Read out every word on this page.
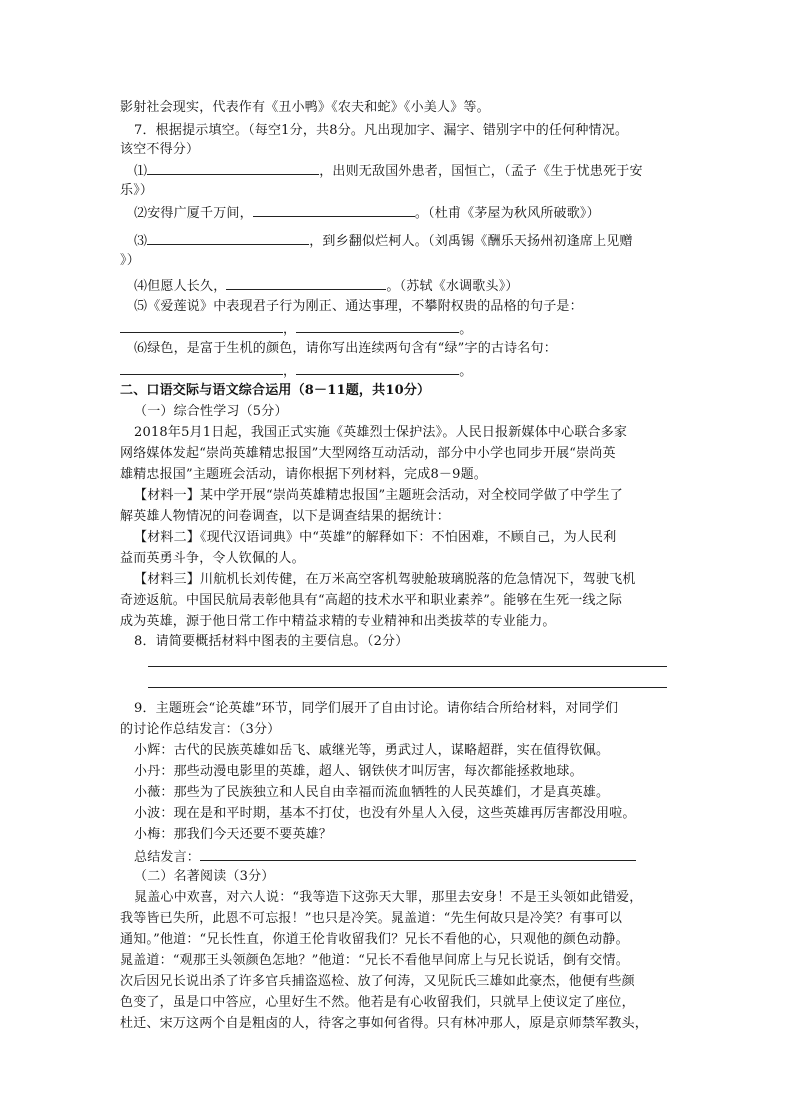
影射社会现实，代表作有《丑小鸭》《农夫和蛇》《小美人》等。
7．根据提示填空。（每空1分，共8分。凡出现加字、漏字、错别字中的任何种情况。
该空不得分）
⑴	，出则无敌国外患者，国恒亡，（孟子《生于忧患死于安
乐》）
⑵安得广厦千万间，	。（杜甫《茅屋为秋风所破歌》）
⑶	，到乡翻似烂柯人。（刘禹锡《酬乐天扬州初逢席上见赠
》）
⑷但愿人长久，	。（苏轼《水调歌头》）
⑸《爱莲说》中表现君子行为刚正、通达事理，不攀附权贵的品格的句子是：
，	。
⑹绿色，是富于生机的颜色，请你写出连续两句含有“绿”字的古诗名句：
，	。
二、口语交际与语文综合运用（8－11题，共10分）
（一）综合性学习（5分）
2018年5月1日起，我国正式实施《英雄烈士保护法》。人民日报新媒体中心联合多家
网络媒体发起“崇尚英雄精忠报国”大型网络互动活动，部分中小学也同步开展“崇尚英
雄精忠报国”主题班会活动，请你根据下列材料，完成8－9题。
【材料一】某中学开展“崇尚英雄精忠报国”主题班会活动，对全校同学做了中学生了
解英雄人物情况的问卷调查，以下是调查结果的据统计：
【材料二】《现代汉语词典》中“英雄”的解释如下：不怕困难，不顾自己，为人民利
益而英勇斗争，令人钦佩的人。
【材料三】川航机长刘传健，在万米高空客机驾驶舱玻璃脱落的危急情况下，驾驶飞机
奇迹返航。中国民航局表彰他具有“高超的技术水平和职业素养”。能够在生死一线之际
成为英雄，源于他日常工作中精益求精的专业精神和出类拔萃的专业能力。
8．请简要概括材料中图表的主要信息。（2分）
9．主题班会“论英雄”环节，同学们展开了自由讨论。请你结合所给材料，对同学们
的讨论作总结发言：（3分）
小辉：古代的民族英雄如岳飞、戚继光等，勇武过人，谋略超群，实在值得钦佩。
小丹：那些动漫电影里的英雄，超人、钢铁侠才叫厉害，每次都能拯救地球。
小薇：那些为了民族独立和人民自由幸福而流血牺牲的人民英雄们，才是真英雄。
小波：现在是和平时期，基本不打仗，也没有外星人入侵，这些英雄再厉害都没用啦。
小梅：那我们今天还要不要英雄？
总结发言：
（二）名著阅读（3分）
晁盖心中欢喜，对六人说：“我等造下这弥天大罪，那里去安身！不是王头领如此错爱，
我等皆已失所，此恩不可忘报！”也只是冷笑。晁盖道：“先生何故只是冷笑？有事可以
通知。”他道：“兄长性直，你道王伦肯收留我们？兄长不看他的心，只观他的颜色动静。
晁盖道：“观那王头领颜色怎地？”他道：“兄长不看他早间席上与兄长说话，倒有交情。
次后因兄长说出杀了许多官兵捕盗巡检、放了何涛，又见阮氏三雄如此豪杰，他便有些颜
色变了，虽是口中答应，心里好生不然。他若是有心收留我们，只就早上使议定了座位，
杜迁、宋万这两个自是粗卤的人，待客之事如何省得。只有林冲那人，原是京师禁军教头，
